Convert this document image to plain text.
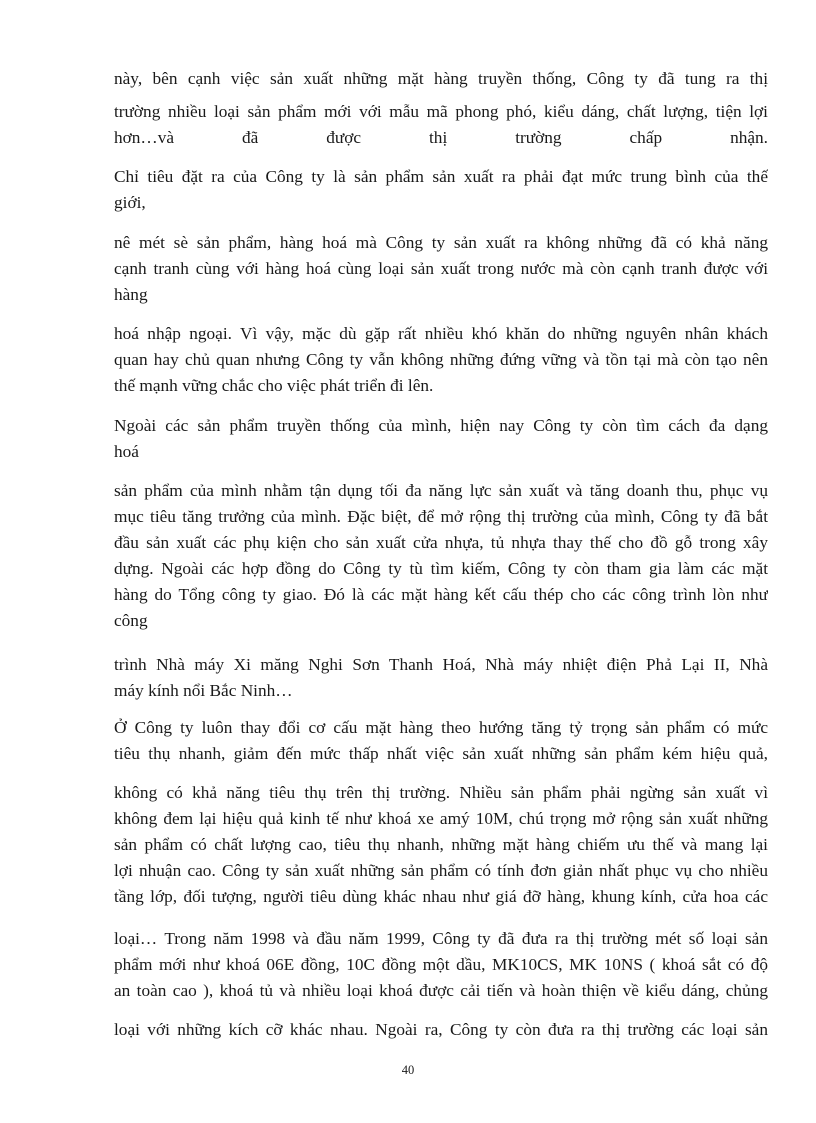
này, bên cạnh việc sản xuất những mặt hàng truyền thống, Công ty đã tung ra thị
trường nhiều loại sản phẩm mới với mẫu mã phong phó, kiểu dáng, chất lượng, tiện lợi
hơn…và đã được thị trường chấp nhận.
Chỉ tiêu đặt ra của Công ty là sản phẩm sản xuất ra phải đạt mức trung bình của thế
giới,
nê mét sè sản phẩm, hàng hoá mà Công ty sản xuất ra không những đã có khả năng
cạnh tranh cùng với hàng hoá cùng loại sản xuất trong nước mà còn cạnh tranh được với
hàng
hoá nhập ngoại. Vì vậy, mặc dù gặp rất nhiều khó khăn do những nguyên nhân khách
quan hay chủ quan nhưng Công ty vẫn không những đứng vững và tồn tại mà còn tạo nên
thế mạnh vững chắc cho việc phát triển đi lên.
Ngoài các sản phẩm truyền thống của mình, hiện nay Công ty còn tìm cách đa dạng
hoá
sản phẩm của mình nhằm tận dụng tối đa năng lực sản xuất và tăng doanh thu, phục vụ
mục tiêu tăng trưởng của mình. Đặc biệt, để mở rộng thị trường của mình, Công ty đã bắt
đầu sản xuất các phụ kiện cho sản xuất cửa nhựa, tủ nhựa thay thế cho đồ gỗ trong xây
dựng. Ngoài các hợp đồng do Công ty tù tìm kiếm, Công ty còn tham gia làm các mặt
hàng do Tổng công ty giao. Đó là các mặt hàng kết cấu thép cho các công trình lòn như
công
trình Nhà máy Xi măng Nghi Sơn Thanh Hoá, Nhà máy nhiệt điện Phả Lại II, Nhà
máy kính nổi Bắc Ninh…
Ở Công ty luôn thay đổi cơ cấu mặt hàng theo hướng tăng tỷ trọng sản phẩm có mức
tiêu thụ nhanh, giảm đến mức thấp nhất việc sản xuất những sản phẩm kém hiệu quả,
không có khả năng tiêu thụ trên thị trường. Nhiều sản phẩm phải ngừng sản xuất vì
không đem lại hiệu quả kinh tế như khoá xe amý 10M, chú trọng mở rộng sản xuất những
sản phẩm có chất lượng cao, tiêu thụ nhanh, những mặt hàng chiếm ưu thế và mang lại
lợi nhuận cao. Công ty sản xuất những sản phẩm có tính đơn giản nhất phục vụ cho nhiều
tầng lớp, đối tượng, người tiêu dùng khác nhau như giá đỡ hàng, khung kính, cửa hoa các
loại… Trong năm 1998 và đầu năm 1999, Công ty đã đưa ra thị trường mét số loại sản
phẩm mới như khoá 06E đồng, 10C đồng một dầu, MK10CS, MK 10NS ( khoá sắt có độ
an toàn cao ), khoá tủ và nhiều loại khoá được cải tiến và hoàn thiện về kiểu dáng, chủng
loại với những kích cỡ khác nhau. Ngoài ra, Công ty còn đưa ra thị trường các loại sản
40
